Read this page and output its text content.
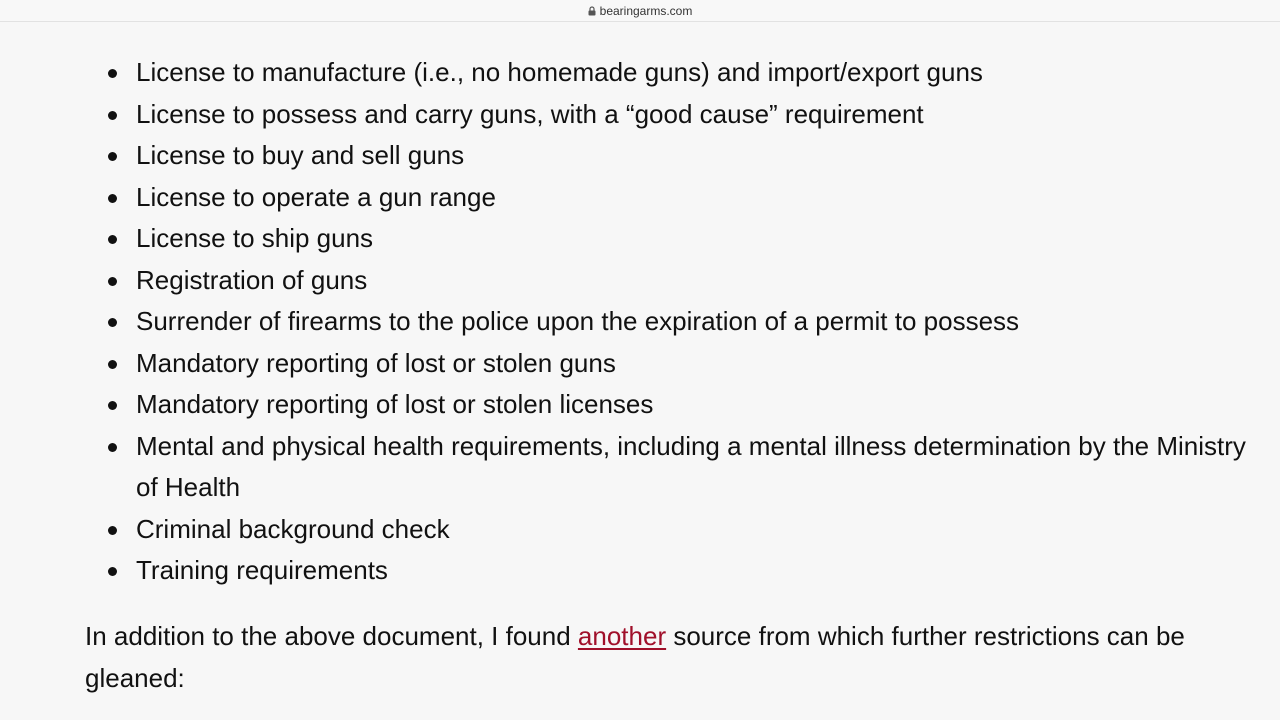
bearingarms.com
License to manufacture (i.e., no homemade guns) and import/export guns
License to possess and carry guns, with a “good cause” requirement
License to buy and sell guns
License to operate a gun range
License to ship guns
Registration of guns
Surrender of firearms to the police upon the expiration of a permit to possess
Mandatory reporting of lost or stolen guns
Mandatory reporting of lost or stolen licenses
Mental and physical health requirements, including a mental illness determination by the Ministry of Health
Criminal background check
Training requirements

In addition to the above document, I found another source from which further restrictions can be gleaned:
